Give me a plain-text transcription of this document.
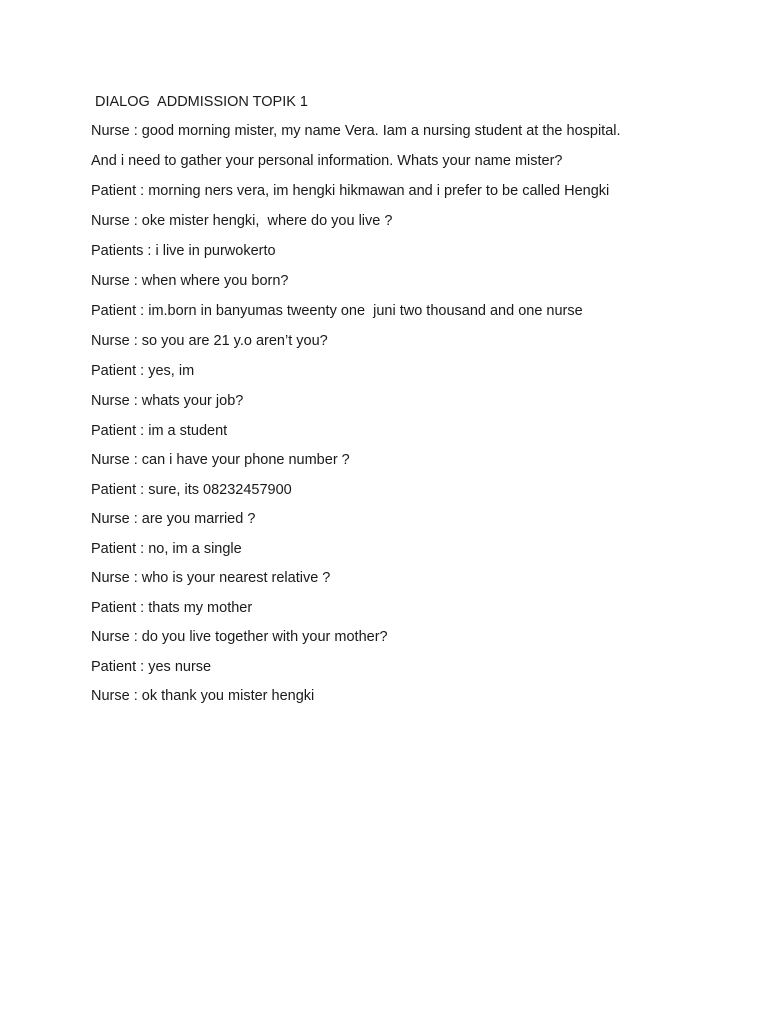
DIALOG  ADDMISSION TOPIK 1
Nurse : good morning mister, my name Vera. Iam a nursing student at the hospital.
And i need to gather your personal information. Whats your name mister?
Patient : morning ners vera, im hengki hikmawan and i prefer to be called Hengki
Nurse : oke mister hengki,  where do you live ?
Patients : i live in purwokerto
Nurse : when where you born?
Patient : im.born in banyumas tweenty one  juni two thousand and one nurse
Nurse : so you are 21 y.o aren’t you?
Patient : yes, im
Nurse : whats your job?
Patient : im a student
Nurse : can i have your phone number ?
Patient : sure, its 08232457900
Nurse : are you married ?
Patient : no, im a single
Nurse : who is your nearest relative ?
Patient : thats my mother
Nurse : do you live together with your mother?
Patient : yes nurse
Nurse : ok thank you mister hengki
